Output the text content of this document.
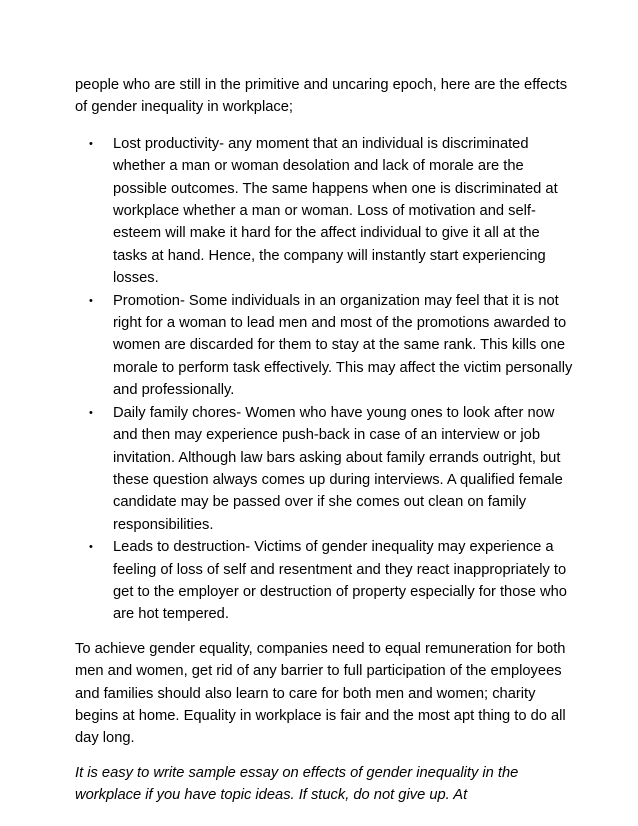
people who are still in the primitive and uncaring epoch, here are the effects of gender inequality in workplace;

• Lost productivity- any moment that an individual is discriminated whether a man or woman desolation and lack of morale are the possible outcomes. The same happens when one is discriminated at workplace whether a man or woman. Loss of motivation and self-esteem will make it hard for the affect individual to give it all at the tasks at hand. Hence, the company will instantly start experiencing losses.
• Promotion- Some individuals in an organization may feel that it is not right for a woman to lead men and most of the promotions awarded to women are discarded for them to stay at the same rank. This kills one morale to perform task effectively. This may affect the victim personally and professionally.
• Daily family chores- Women who have young ones to look after now and then may experience push-back in case of an interview or job invitation. Although law bars asking about family errands outright, but these question always comes up during interviews. A qualified female candidate may be passed over if she comes out clean on family responsibilities.
• Leads to destruction- Victims of gender inequality may experience a feeling of loss of self and resentment and they react inappropriately to get to the employer or destruction of property especially for those who are hot tempered.

To achieve gender equality, companies need to equal remuneration for both men and women, get rid of any barrier to full participation of the employees and families should also learn to care for both men and women; charity begins at home. Equality in workplace is fair and the most apt thing to do all day long.

It is easy to write sample essay on effects of gender inequality in the workplace if you have topic ideas. If stuck, do not give up. At
